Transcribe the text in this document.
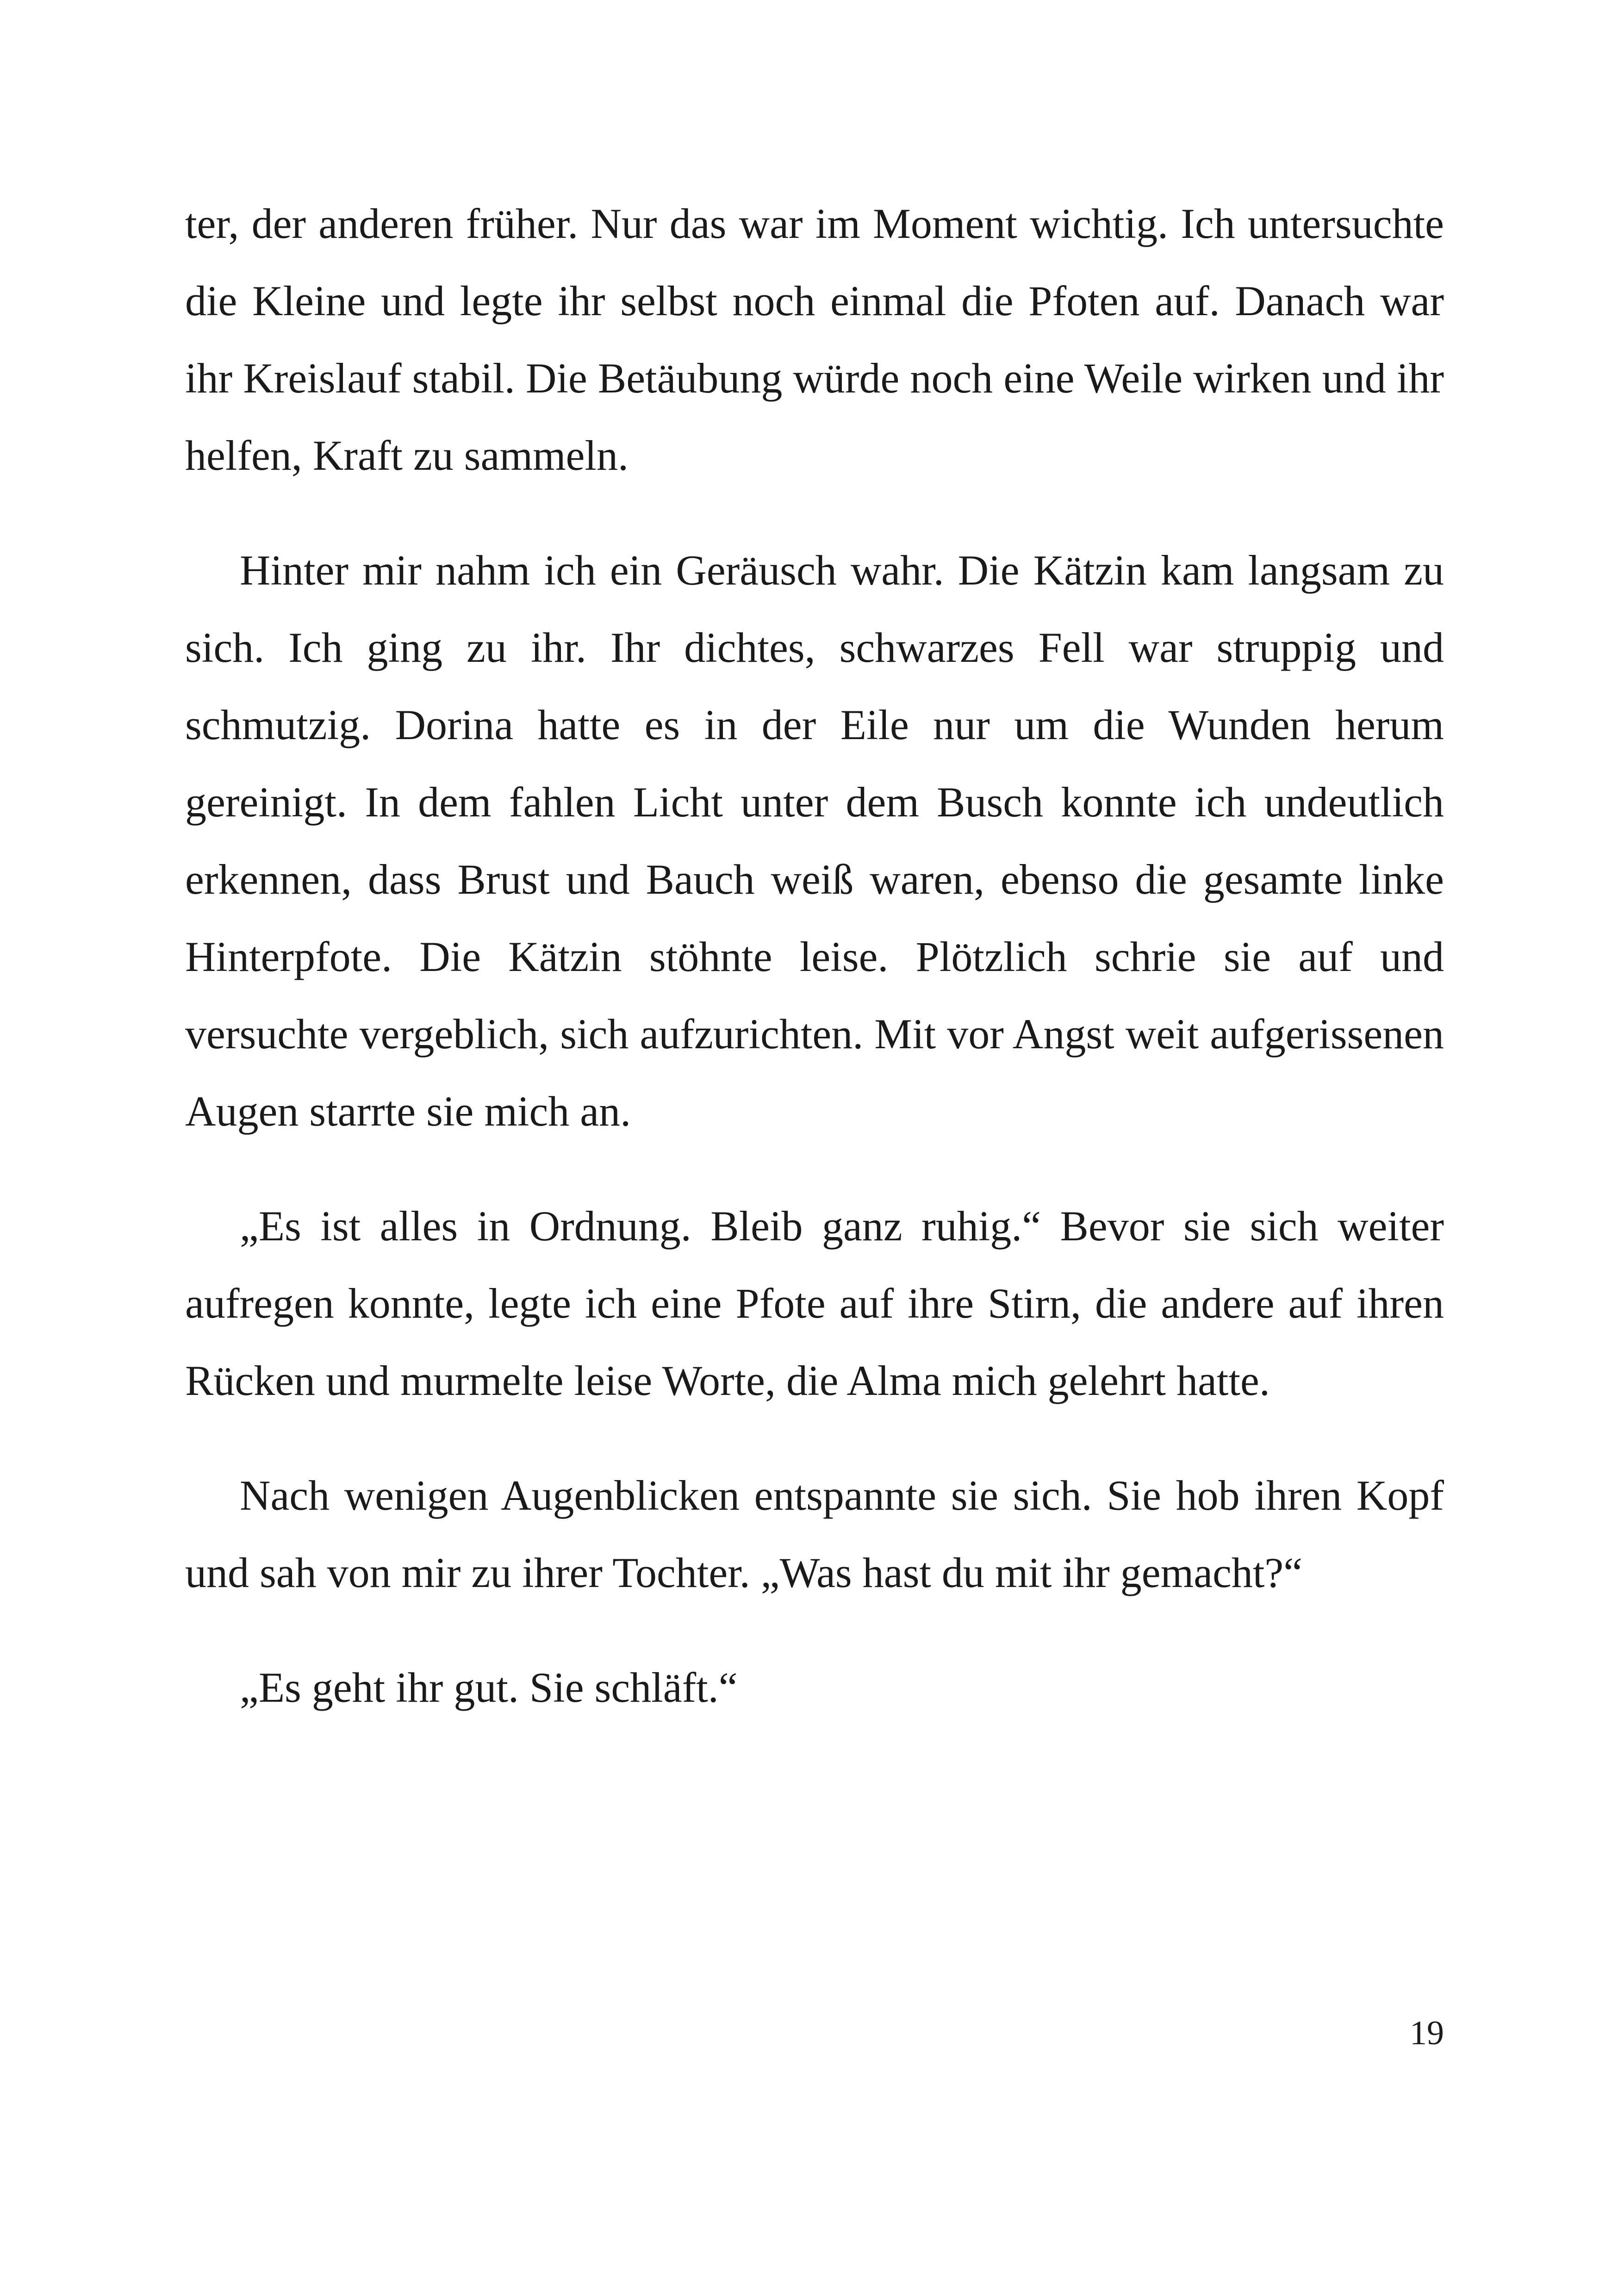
ter, der anderen früher. Nur das war im Moment wichtig. Ich untersuchte die Kleine und legte ihr selbst noch einmal die Pfoten auf. Danach war ihr Kreislauf stabil. Die Betäubung würde noch eine Weile wirken und ihr helfen, Kraft zu sammeln.

Hinter mir nahm ich ein Geräusch wahr. Die Kätzin kam langsam zu sich. Ich ging zu ihr. Ihr dichtes, schwarzes Fell war struppig und schmutzig. Dorina hatte es in der Eile nur um die Wunden herum gereinigt. In dem fahlen Licht unter dem Busch konnte ich undeutlich erkennen, dass Brust und Bauch weiß waren, ebenso die gesamte linke Hinterpfote. Die Kätzin stöhnte leise. Plötzlich schrie sie auf und versuchte vergeblich, sich aufzurichten. Mit vor Angst weit aufgerissenen Augen starrte sie mich an.

„Es ist alles in Ordnung. Bleib ganz ruhig.“ Bevor sie sich weiter aufregen konnte, legte ich eine Pfote auf ihre Stirn, die andere auf ihren Rücken und murmelte leise Worte, die Alma mich gelehrt hatte.

Nach wenigen Augenblicken entspannte sie sich. Sie hob ihren Kopf und sah von mir zu ihrer Tochter. „Was hast du mit ihr gemacht?“

„Es geht ihr gut. Sie schläft.“

19
